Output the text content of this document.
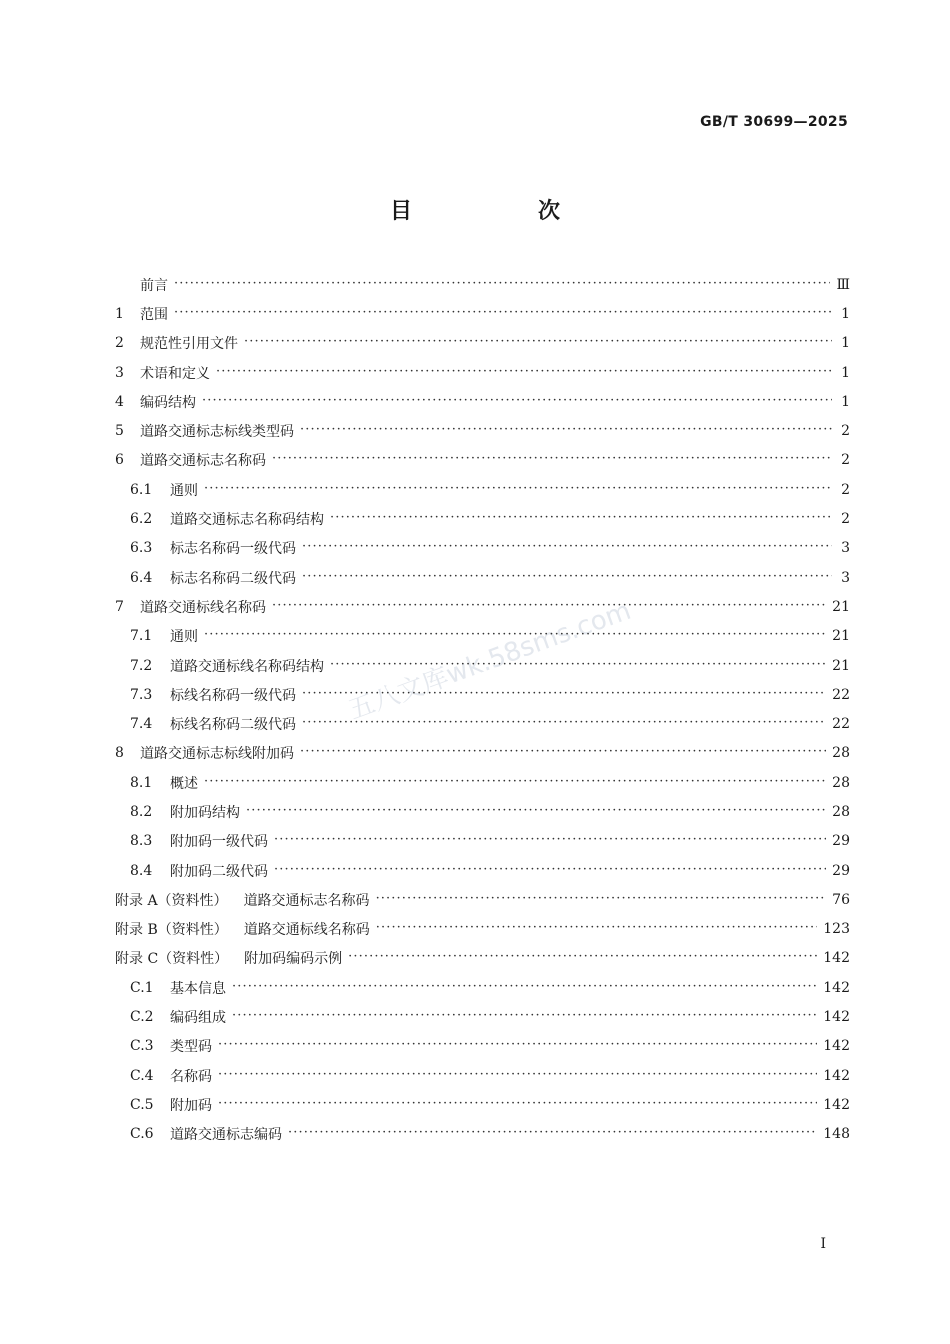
GB/T 30699—2025
目　次
五八文库wk.58sms.com
前言 ·····	Ⅲ
1	范围 ·····	1
2	规范性引用文件 ·····	1
3	术语和定义 ·····	1
4	编码结构 ·····	1
5	道路交通标志标线类型码 ·····	2
6	道路交通标志名称码 ·····	2
6.1	通则 ·····	2
6.2	道路交通标志名称码结构 ·····	2
6.3	标志名称码一级代码 ·····	3
6.4	标志名称码二级代码 ·····	3
7	道路交通标线名称码 ·····	21
7.1	通则 ·····	21
7.2	道路交通标线名称码结构 ·····	21
7.3	标线名称码一级代码 ·····	22
7.4	标线名称码二级代码 ·····	22
8	道路交通标志标线附加码 ·····	28
8.1	概述 ·····	28
8.2	附加码结构 ·····	28
8.3	附加码一级代码 ·····	29
8.4	附加码二级代码 ·····	29
附录 A（资料性） 道路交通标志名称码 ·····	76
附录 B（资料性） 道路交通标线名称码 ·····	123
附录 C（资料性） 附加码编码示例 ·····	142
C.1	基本信息 ·····	142
C.2	编码组成 ·····	142
C.3	类型码 ·····	142
C.4	名称码 ·····	142
C.5	附加码 ·····	142
C.6	道路交通标志编码 ·····	148
Ⅰ
